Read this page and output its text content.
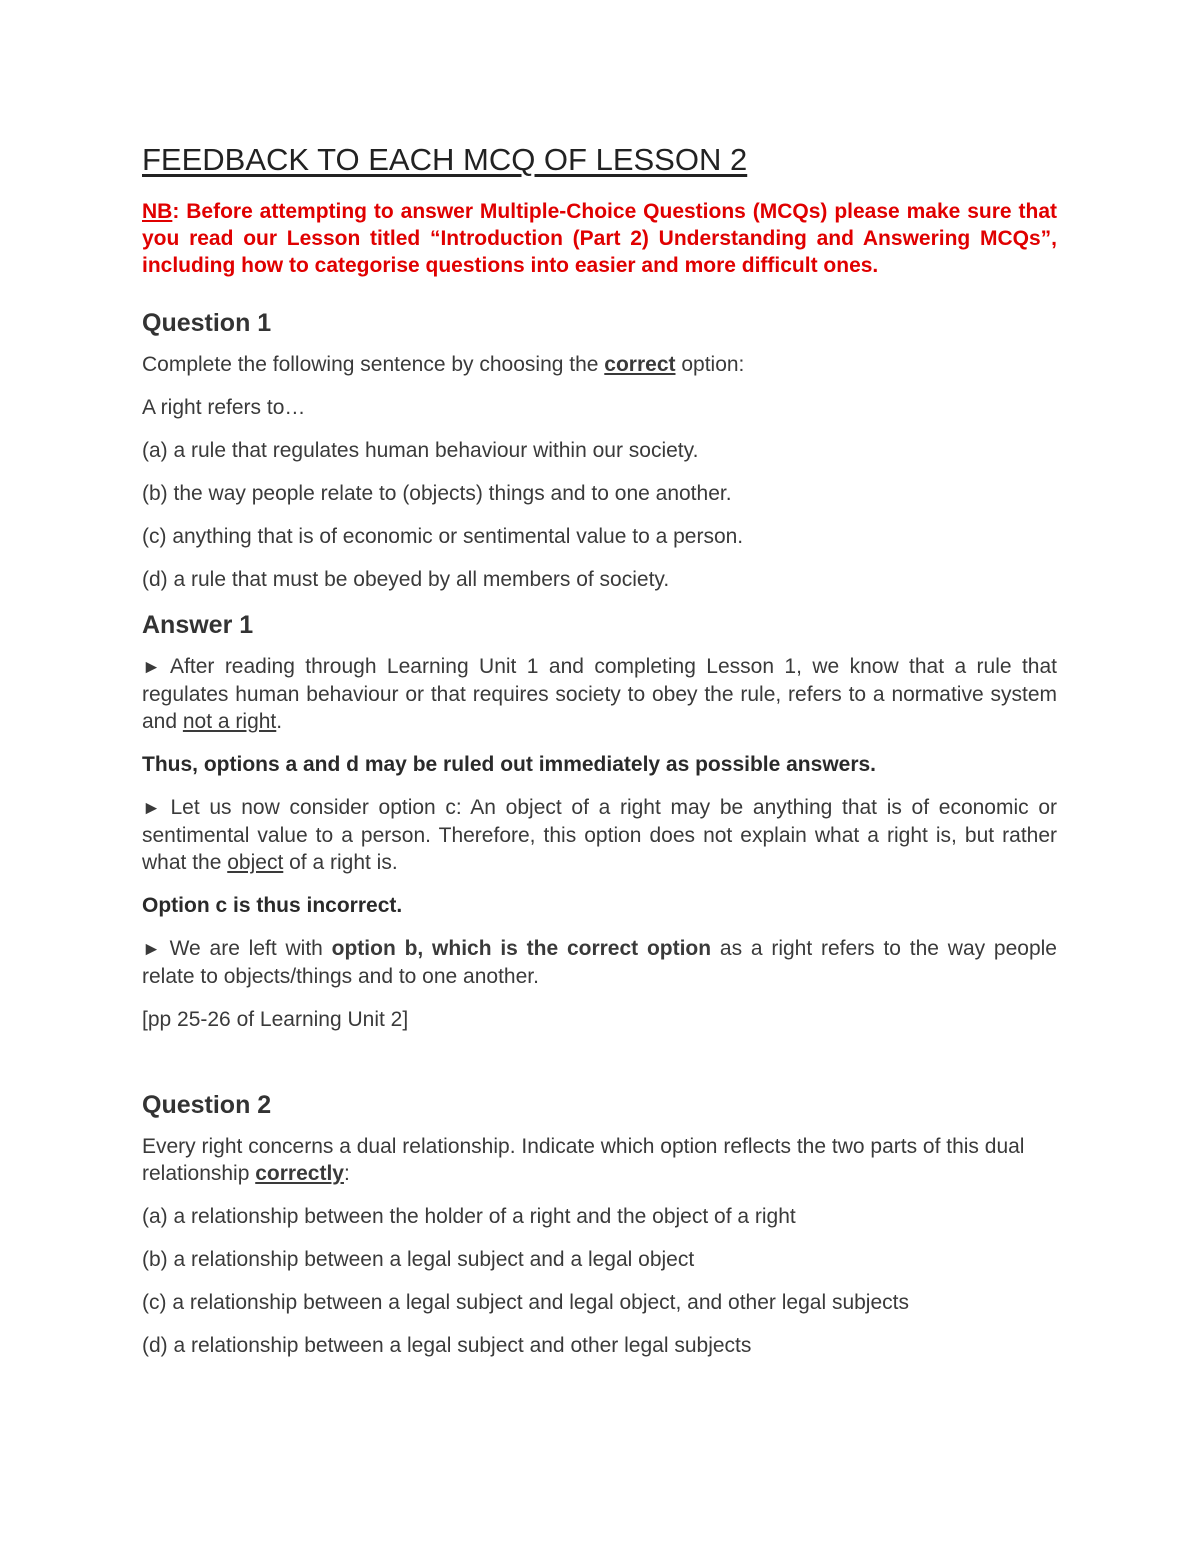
FEEDBACK TO EACH MCQ OF LESSON 2

NB: Before attempting to answer Multiple-Choice Questions (MCQs) please make sure that you read our Lesson titled “Introduction (Part 2) Understanding and Answering MCQs”, including how to categorise questions into easier and more difficult ones.

Question 1

Complete the following sentence by choosing the correct option:

A right refers to…

(a) a rule that regulates human behaviour within our society.

(b) the way people relate to (objects) things and to one another.

(c) anything that is of economic or sentimental value to a person.

(d) a rule that must be obeyed by all members of society.

Answer 1

► After reading through Learning Unit 1 and completing Lesson 1, we know that a rule that regulates human behaviour or that requires society to obey the rule, refers to a normative system and not a right.

Thus, options a and d may be ruled out immediately as possible answers.

► Let us now consider option c: An object of a right may be anything that is of economic or sentimental value to a person. Therefore, this option does not explain what a right is, but rather what the object of a right is.

Option c is thus incorrect.

► We are left with option b, which is the correct option as a right refers to the way people relate to objects/things and to one another.

[pp 25-26 of Learning Unit 2]

Question 2

Every right concerns a dual relationship. Indicate which option reflects the two parts of this dual relationship correctly:

(a) a relationship between the holder of a right and the object of a right

(b) a relationship between a legal subject and a legal object

(c) a relationship between a legal subject and legal object, and other legal subjects

(d) a relationship between a legal subject and other legal subjects
